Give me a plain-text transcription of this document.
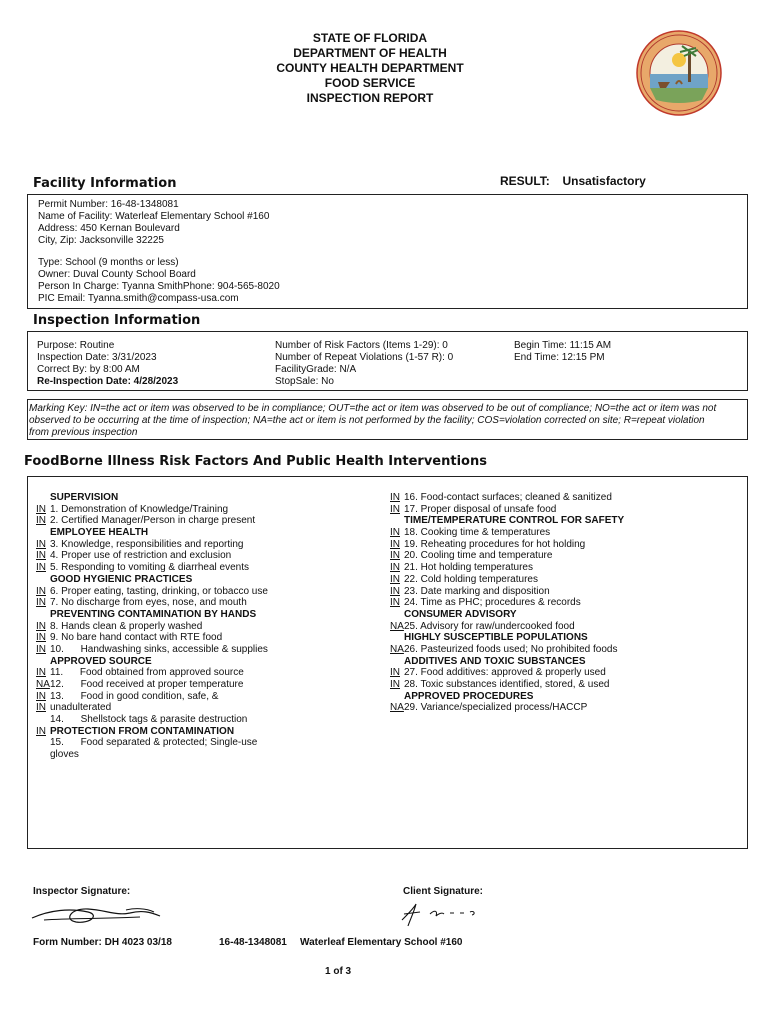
STATE OF FLORIDA
DEPARTMENT OF HEALTH
COUNTY HEALTH DEPARTMENT
FOOD SERVICE
INSPECTION REPORT
RESULT: Unsatisfactory
Facility Information
Permit Number: 16-48-1348081
Name of Facility: Waterleaf Elementary School #160
Address: 450 Kernan Boulevard
City, Zip: Jacksonville 32225
Type: School (9 months or less)
Owner: Duval County School Board
Person In Charge: Tyanna SmithPhone: 904-565-8020
PIC Email: Tyanna.smith@compass-usa.com
Inspection Information
Purpose: Routine
Inspection Date: 3/31/2023
Correct By: by 8:00 AM
Re-Inspection Date: 4/28/2023
Number of Risk Factors (Items 1-29): 0
Number of Repeat Violations (1-57 R): 0
FacilityGrade: N/A
StopSale: No
Begin Time: 11:15 AM
End Time: 12:15 PM
Marking Key: IN=the act or item was observed to be in compliance; OUT=the act or item was observed to be out of compliance; NO=the act or item was not
observed to be occurring at the time of inspection; NA=the act or item is not performed by the facility; COS=violation corrected on site; R=repeat violation
from previous inspection
FoodBorne Illness Risk Factors And Public Health Interventions
SUPERVISION
IN 1. Demonstration of Knowledge/Training
IN 2. Certified Manager/Person in charge present
EMPLOYEE HEALTH
IN 3. Knowledge, responsibilities and reporting
IN 4. Proper use of restriction and exclusion
IN 5. Responding to vomiting & diarrheal events
GOOD HYGIENIC PRACTICES
IN 6. Proper eating, tasting, drinking, or tobacco use
IN 7. No discharge from eyes, nose, and mouth
PREVENTING CONTAMINATION BY HANDS
IN 8. Hands clean & properly washed
IN 9. No bare hand contact with RTE food
IN 10.      Handwashing sinks, accessible & supplies
APPROVED SOURCE
IN 11.      Food obtained from approved source
NA12.      Food received at proper temperature
IN 13.      Food in good condition, safe, &
IN unadulterated
14.      Shellstock tags & parasite destruction
IN PROTECTION FROM CONTAMINATION
15.      Food separated & protected; Single-use
gloves
IN 16. Food-contact surfaces; cleaned & sanitized
IN 17. Proper disposal of unsafe food
TIME/TEMPERATURE CONTROL FOR SAFETY
IN 18. Cooking time & temperatures
IN 19. Reheating procedures for hot holding
IN 20. Cooling time and temperature
IN 21. Hot holding temperatures
IN 22. Cold holding temperatures
IN 23. Date marking and disposition
IN 24. Time as PHC; procedures & records
CONSUMER ADVISORY
NA25. Advisory for raw/undercooked food
HIGHLY SUSCEPTIBLE POPULATIONS
NA26. Pasteurized foods used; No prohibited foods
ADDITIVES AND TOXIC SUBSTANCES
IN 27. Food additives: approved & properly used
IN 28. Toxic substances identified, stored, & used
APPROVED PROCEDURES
NA29. Variance/specialized process/HACCP
Inspector Signature:	Client Signature:
Form Number: DH 4023 03/18	16-48-1348081 Waterleaf Elementary School #160
1 of 3
